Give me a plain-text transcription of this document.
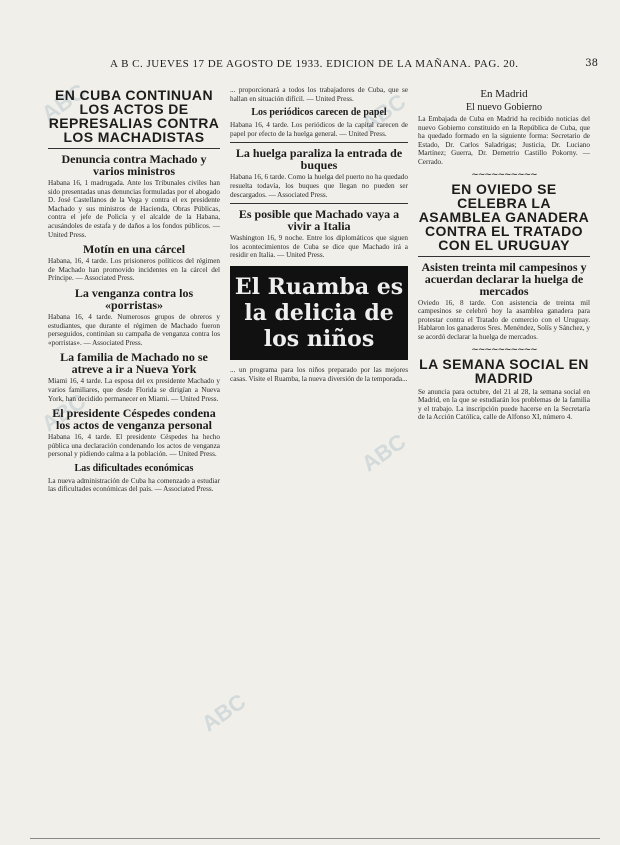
A B C. JUEVES 17 DE AGOSTO DE 1933. EDICION DE LA MAÑANA. PAG. 20.	38
ABC	ABC
ABC
ABC
ABC
EN CUBA CONTINUAN LOS ACTOS DE REPRESALIAS CONTRA LOS MACHADISTAS
Denuncia contra Machado y varios ministros

Habana 16, 1 madrugada. Ante los Tribunales civiles han sido presentadas unas denuncias formuladas por el abogado D. José Castellanos de la Vega y contra el ex presidente Machado y sus ministros de Hacienda, Obras Públicas, contra el jefe de Policía y el alcalde de la Habana, acusándoles de estafa y de daños a los fondos públicos. — United Press.

Motín en una cárcel

Habana, 16, 4 tarde. Los prisioneros políticos del régimen de Machado han promovido incidentes en la cárcel del Príncipe. — Associated Press.

La venganza contra los «porristas»

Habana 16, 4 tarde. Numerosos grupos de obreros y estudiantes, que durante el régimen de Machado fueron perseguidos, continúan su campaña de venganza contra los «porristas». — Associated Press.

La familia de Machado no se atreve a ir a Nueva York

Miami 16, 4 tarde. La esposa del ex presidente Machado y varios familiares, que desde Florida se dirigían a Nueva York, han decidido permanecer en Miami. — United Press.

El presidente Céspedes condena los actos de venganza personal

Habana 16, 4 tarde. El presidente Céspedes ha hecho pública una declaración condenando los actos de venganza personal y pidiendo calma a la población. — United Press.

Las dificultades económicas

La nueva administración de Cuba ha comenzado a estudiar las dificultades económicas del país. — Associated Press.

... proporcionará a todos los trabajadores de Cuba, que se hallan en situación difícil. — United Press.

Los periódicos carecen de papel

Habana 16, 4 tarde. Los periódicos de la capital carecen de papel por efecto de la huelga general. — United Press.

La huelga paraliza la entrada de buques

Habana 16, 6 tarde. Como la huelga del puerto no ha quedado resuelta todavía, los buques que llegan no pueden ser descargados. — Associated Press.

Es posible que Machado vaya a vivir a Italia

Washington 16, 9 noche. Entre los diplomáticos que siguen los acontecimientos de Cuba se dice que Machado irá a residir en Italia. — United Press.

El Ruamba es la delicia de los niños

... un programa para los niños preparado por las mejores casas. Visite el Ruamba, la nueva diversión de la temporada...

En Madrid
El nuevo Gobierno

La Embajada de Cuba en Madrid ha recibido noticias del nuevo Gobierno constituido en la República de Cuba, que ha quedado formado en la siguiente forma: Secretario de Estado, Dr. Carlos Saladrigas; Justicia, Dr. Luciano Martínez; Guerra, Dr. Demetrio Castillo Pokorny. — Cerrado.

~~~~~~~~~~
EN OVIEDO SE CELEBRA LA ASAMBLEA GANADERA CONTRA EL TRATADO CON EL URUGUAY
Asisten treinta mil campesinos y acuerdan declarar la huelga de mercados

Oviedo 16, 8 tarde. Con asistencia de treinta mil campesinos se celebró hoy la asamblea ganadera para protestar contra el Tratado de comercio con el Uruguay. Hablaron los ganaderos Sres. Menéndez, Solís y Sánchez, y se acordó declarar la huelga de mercados.

~~~~~~~~~~
LA SEMANA SOCIAL EN MADRID

Se anuncia para octubre, del 21 al 28, la semana social en Madrid, en la que se estudiarán los problemas de la familia y el trabajo. La inscripción puede hacerse en la Secretaría de la Acción Católica, calle de Alfonso XI, número 4.
